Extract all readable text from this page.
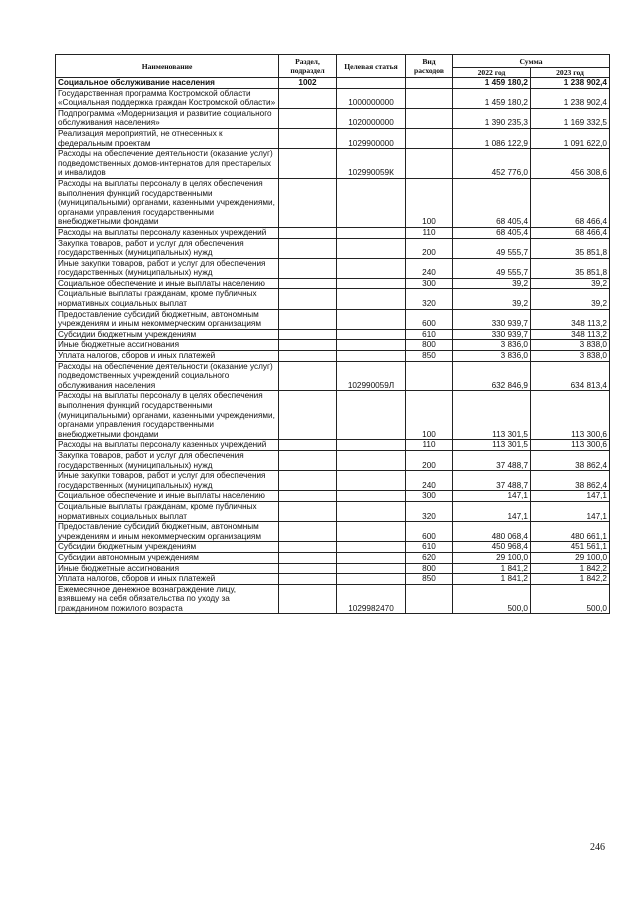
Наименование	Раздел, подраздел	Целевая статья	Вид расходов	Сумма	
				2022 год	2023 год
Социальное обслуживание населения	1002			1 459 180,2	1 238 902,4
Государственная программа Костромской области «Социальная поддержка граждан Костромской области»		1000000000		1 459 180,2	1 238 902,4
Подпрограмма «Модернизация и развитие социального обслуживания населения»		1020000000		1 390 235,3	1 169 332,5
Реализация мероприятий, не отнесенных к федеральным проектам		1029900000		1 086 122,9	1 091 622,0
Расходы на обеспечение деятельности (оказание услуг) подведомственных домов-интернатов для престарелых и инвалидов		102990059К		452 776,0	456 308,6
Расходы на выплаты персоналу в целях обеспечения выполнения функций государственными (муниципальными) органами, казенными учреждениями, органами управления государственными внебюджетными фондами			100	68 405,4	68 466,4
Расходы на выплаты персоналу казенных учреждений			110	68 405,4	68 466,4
Закупка товаров, работ и услуг для обеспечения государственных (муниципальных) нужд			200	49 555,7	35 851,8
Иные закупки товаров, работ и услуг для обеспечения государственных (муниципальных) нужд			240	49 555,7	35 851,8
Социальное обеспечение и иные выплаты населению			300	39,2	39,2
Социальные выплаты гражданам, кроме публичных нормативных социальных выплат			320	39,2	39,2
Предоставление субсидий бюджетным, автономным учреждениям и иным некоммерческим организациям			600	330 939,7	348 113,2
Субсидии бюджетным учреждениям			610	330 939,7	348 113,2
Иные бюджетные ассигнования			800	3 836,0	3 838,0
Уплата налогов, сборов и иных платежей			850	3 836,0	3 838,0
Расходы на обеспечение деятельности (оказание услуг) подведомственных учреждений социального обслуживания населения		102990059Л		632 846,9	634 813,4
Расходы на выплаты персоналу в целях обеспечения выполнения функций государственными (муниципальными) органами, казенными учреждениями, органами управления государственными внебюджетными фондами			100	113 301,5	113 300,6
Расходы на выплаты персоналу казенных учреждений			110	113 301,5	113 300,6
Закупка товаров, работ и услуг для обеспечения государственных (муниципальных) нужд			200	37 488,7	38 862,4
Иные закупки товаров, работ и услуг для обеспечения государственных (муниципальных) нужд			240	37 488,7	38 862,4
Социальное обеспечение и иные выплаты населению			300	147,1	147,1
Социальные выплаты гражданам, кроме публичных нормативных социальных выплат			320	147,1	147,1
Предоставление субсидий бюджетным, автономным учреждениям и иным некоммерческим организациям			600	480 068,4	480 661,1
Субсидии бюджетным учреждениям			610	450 968,4	451 561,1
Субсидии автономным учреждениям			620	29 100,0	29 100,0
Иные бюджетные ассигнования			800	1 841,2	1 842,2
Уплата налогов, сборов и иных платежей			850	1 841,2	1 842,2
Ежемесячное денежное вознаграждение лицу, взявшему на себя обязательства по уходу за гражданином пожилого возраста		1029982470		500,0	500,0
246
